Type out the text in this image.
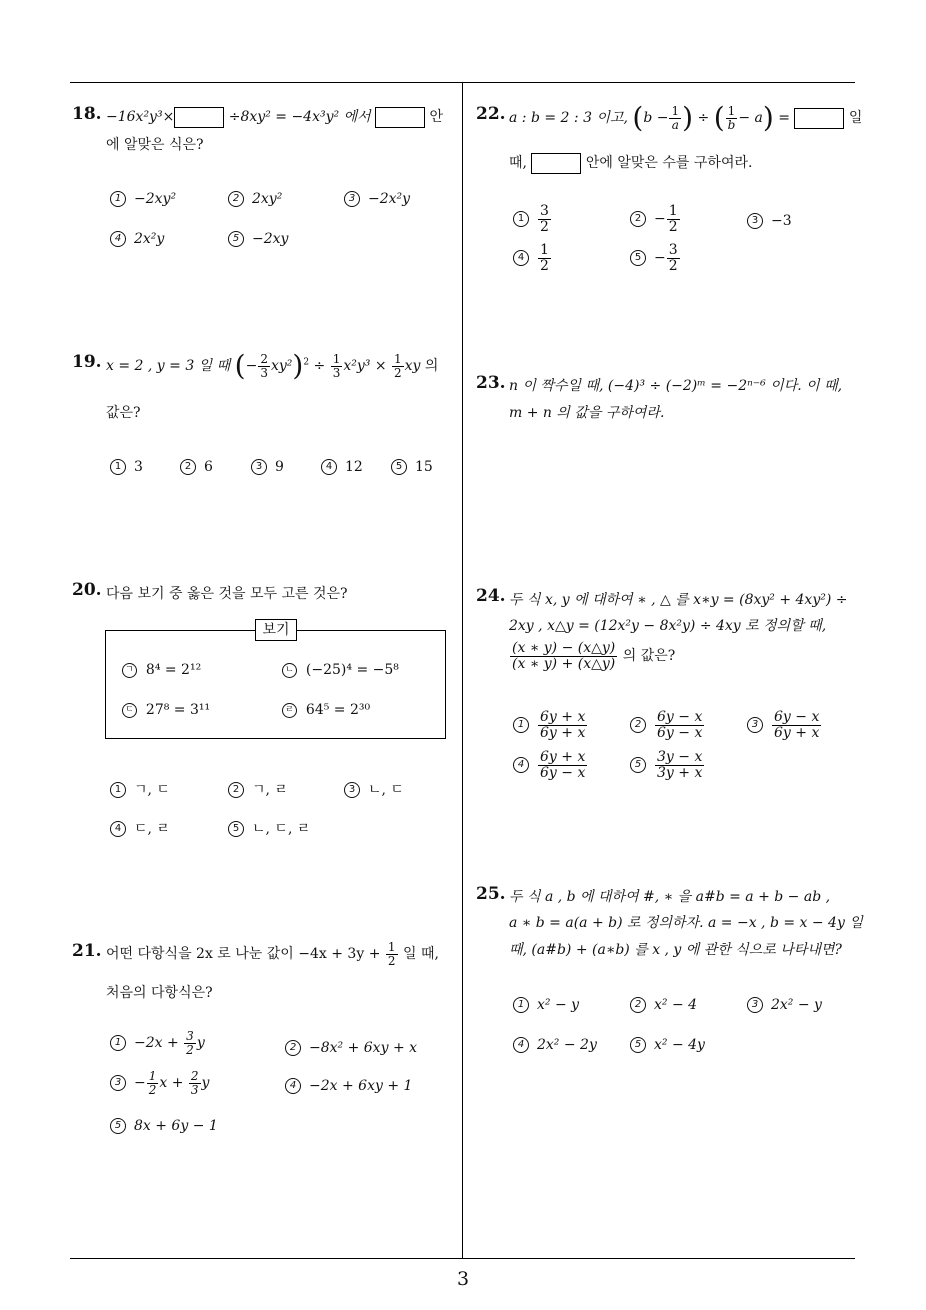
3
18. −16x²y³×	÷8xy² = −4x³y² 에서	안
에 알맞은 식은?
1 −2xy²	2 2xy²	3 −2x²y
4 2x²y	5 −2xy
19. x = 2 , y = 3 일 때 (− $\frac{2}{3} xy^2)^2 \div \frac{1}{3} x^2y^3 \times \frac{1}{2}$ xy 의
값은?
1 3	2 6	3 9	4 12	5 15
20. 다음 보기 중 옳은 것을 모두 고른 것은?
보기
ㄱ 8⁴ = 2¹²	ㄴ (−25)⁴ = −5⁸
ㄷ 27⁸ = 3¹¹	ㄹ 64⁵ = 2³⁰
1 ㄱ, ㄷ	2 ㄱ, ㄹ	3 ㄴ, ㄷ
4 ㄷ, ㄹ	5 ㄴ, ㄷ, ㄹ
21. 어떤 다항식을 2x 로 나눈 값이 $-4x + 3y + \frac{1}{2}$ 일 때,
처음의 다항식은?
$1 -2x + \frac{3}{2}$ y	2 −8x² + 6xy + x
$3 - \frac{1}{2}$ $x + \frac{2}{3}$ y	4 −2x + 6xy + 1
5 8x + 6y − 1
22. a : b = 2 : 3 이고, ($b - \frac{1}{a}$ ) ÷ ( $\frac{1}{b} - a$) =	일
때,	안에 알맞은 수를 구하여라.
$1 \frac{3}{2}$	$2 - \frac{1}{2}$	3 −3
$4 \frac{1}{2}$	$5 - \frac{3}{2}$
23. n 이 짝수일 때, (−4)³ ÷ (−2)ᵐ = −2ⁿ⁻⁶ 이다. 이 때,
m + n 의 값을 구하여라.
24. 두 식 x, y 에 대하여 ∗ , △ 를 x∗y = (8xy² + 4xy²) ÷
2xy , x△y = (12x²y − 8x²y) ÷ 4xy 로 정의할 때,
$\frac{(x ∗ y) - (x\triangle y)}{(x ∗ y) + (x\triangle y)}$ 의 값은?
$1 \frac{6y + x}{6y + x}$	$2 \frac{6y - x}{6y - x}$	$3 \frac{6y - x}{6y + x}$
$4 \frac{6y + x}{6y - x}$	$5 \frac{3y - x}{3y + x}$
25. 두 식 a , b 에 대하여 #, ∗ 을 a#b = a + b − ab ,
a ∗ b = a(a + b) 로 정의하자. a = −x , b = x − 4y 일
때, (a#b) + (a∗b) 를 x , y 에 관한 식으로 나타내면?
1 x² − y	2 x² − 4	3 2x² − y
4 2x² − 2y	5 x² − 4y
